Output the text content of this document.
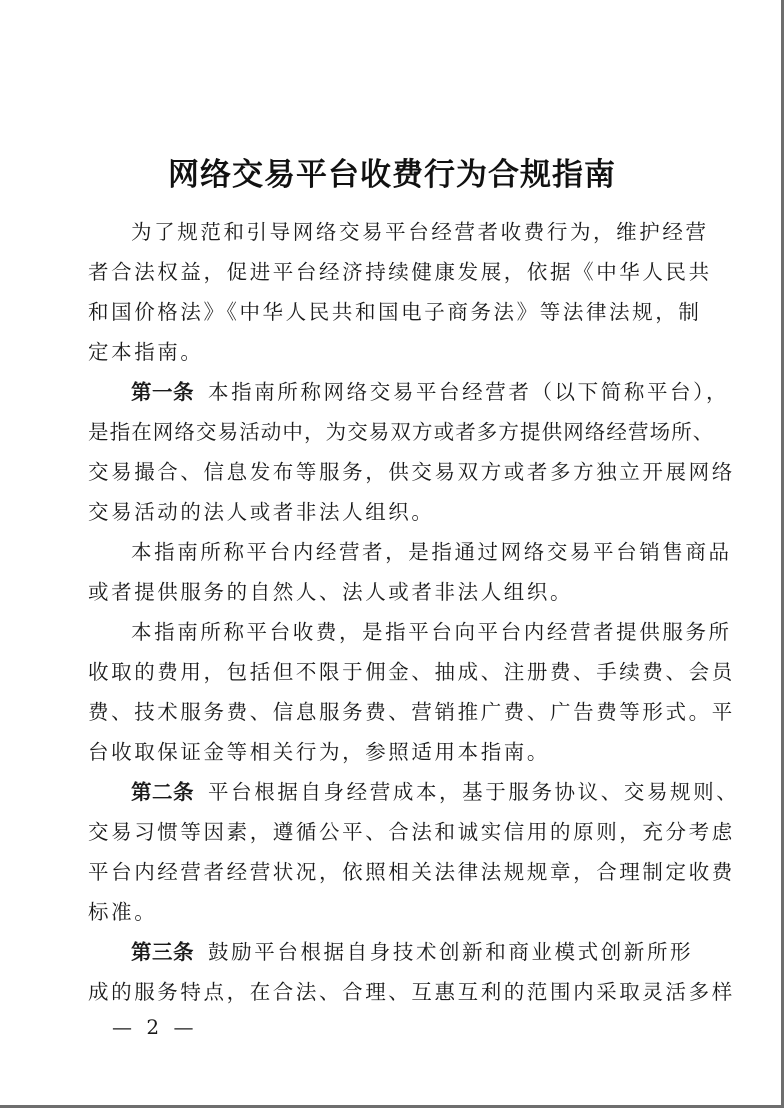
网络交易平台收费行为合规指南

为了规范和引导网络交易平台经营者收费行为，维护经营
者合法权益，促进平台经济持续健康发展，依据《中华人民共
和国价格法》《中华人民共和国电子商务法》等法律法规，制
定本指南。

第一条 本指南所称网络交易平台经营者（以下简称平台），
是指在网络交易活动中，为交易双方或者多方提供网络经营场所、
交易撮合、信息发布等服务，供交易双方或者多方独立开展网络
交易活动的法人或者非法人组织。

本指南所称平台内经营者，是指通过网络交易平台销售商品
或者提供服务的自然人、法人或者非法人组织。

本指南所称平台收费，是指平台向平台内经营者提供服务所
收取的费用，包括但不限于佣金、抽成、注册费、手续费、会员
费、技术服务费、信息服务费、营销推广费、广告费等形式。平
台收取保证金等相关行为，参照适用本指南。

第二条 平台根据自身经营成本，基于服务协议、交易规则、
交易习惯等因素，遵循公平、合法和诚实信用的原则，充分考虑
平台内经营者经营状况，依照相关法律法规规章，合理制定收费
标准。

第三条 鼓励平台根据自身技术创新和商业模式创新所形
成的服务特点，在合法、合理、互惠互利的范围内采取灵活多样

— 2 —
